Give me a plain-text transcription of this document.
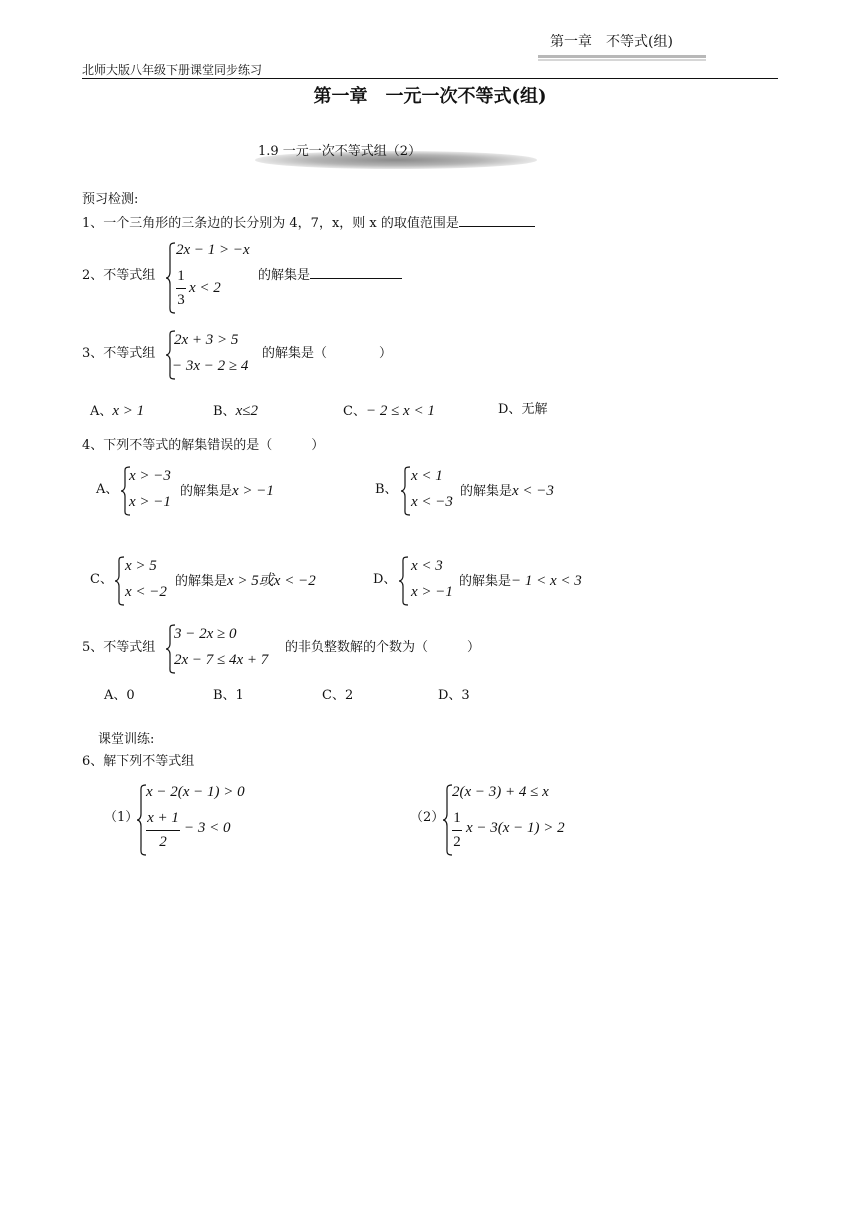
第一章　不等式(组)
北师大版八年级下册课堂同步练习
第一章　一元一次不等式(组)
1.9 一元一次不等式组（2）
预习检测:
1、一个三角形的三条边的长分别为 4，7，x，则 x 的取值范围是
2、不等式组
2x − 1 > −x
1
3
x < 2
的解集是
3、不等式组
2x + 3 > 5
− 3x − 2 ≥ 4
的解集是（　　　　）
A、x > 1	B、x≤2	C、− 2 ≤ x < 1	D、无解
4、下列不等式的解集错误的是（　　　）
A、
x > −3
x > −1
的解集是x > −1	B、
x < 1
x < −3
的解集是x < −3
C、
x > 5
x < −2
的解集是x > 5或x < −2	D、
x < 3
x > −1
的解集是− 1 < x < 3
5、不等式组
3 − 2x ≥ 0
2x − 7 ≤ 4x + 7
的非负整数解的个数为（　　　）
A、0	B、1	C、2	D、3
课堂训练:
6、解下列不等式组
（1）
x − 2(x − 1) > 0
x + 1
2
− 3 < 0
（2）
2(x − 3) + 4 ≤ x
1
2
x − 3(x − 1) > 2
